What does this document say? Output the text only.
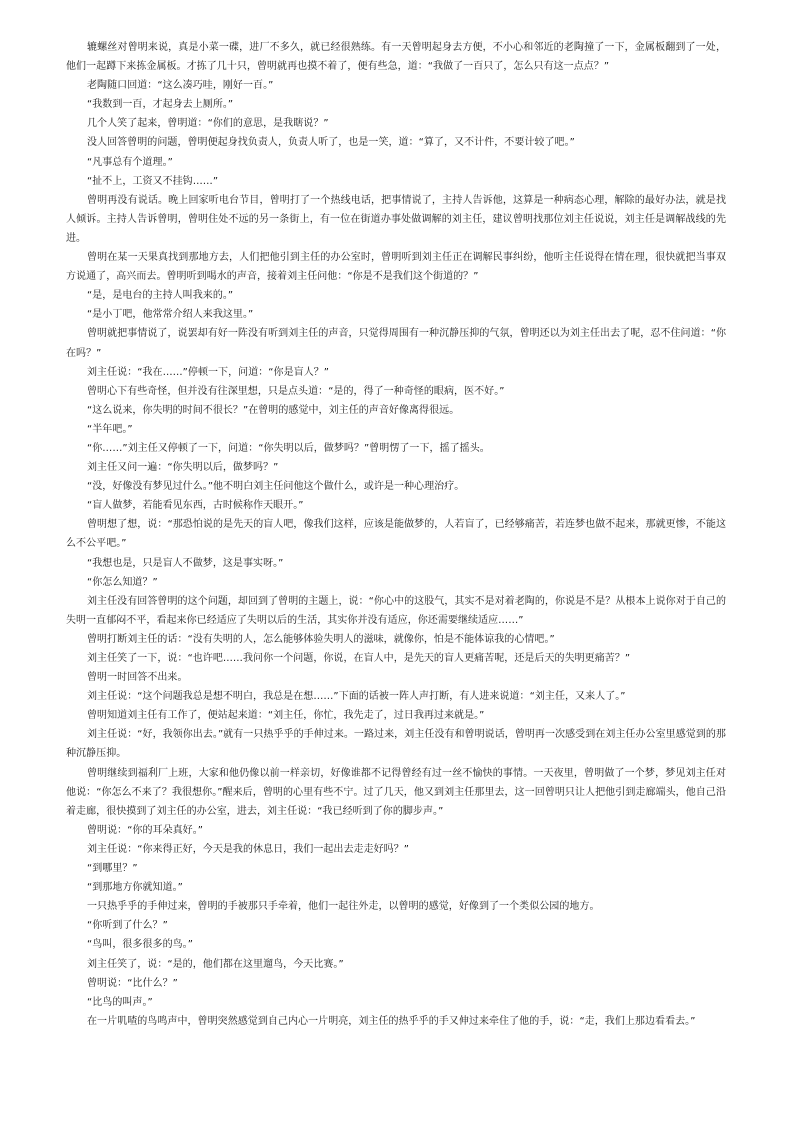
辘螺丝对曾明来说，真是小菜一碟，进厂不多久，就已经很熟练。有一天曾明起身去方便，不小心和邻近的老陶撞了一下，金属板翻到了一处，他们一起蹲下来拣金属板。才拣了几十只，曾明就再也摸不着了，便有些急，道：“我做了一百只了，怎么只有这一点点？”

老陶随口回道：“这么凑巧哇，刚好一百。”

“我数到一百，才起身去上厕所。”

几个人笑了起来，曾明道：“你们的意思，是我瞎说？”

没人回答曾明的问题，曾明便起身找负责人，负责人听了，也是一笑，道：“算了，又不计件，不要计较了吧。”

“凡事总有个道理。”

“扯不上，工资又不挂钩……”

曾明再没有说话。晚上回家听电台节目，曾明打了一个热线电话，把事情说了，主持人告诉他，这算是一种病态心理，解除的最好办法，就是找人倾诉。主持人告诉曾明，曾明住处不远的另一条街上，有一位在街道办事处做调解的刘主任，建议曾明找那位刘主任说说，刘主任是调解战线的先进。

曾明在某一天果真找到那地方去，人们把他引到主任的办公室时，曾明听到刘主任正在调解民事纠纷，他听主任说得在情在理，很快就把当事双方说通了，高兴而去。曾明听到喝水的声音，接着刘主任问他：“你是不是我们这个街道的？”

“是，是电台的主持人叫我来的。”

“是小丁吧，他常常介绍人来我这里。”

曾明就把事情说了，说罢却有好一阵没有听到刘主任的声音，只觉得周围有一种沉静压抑的气氛，曾明还以为刘主任出去了呢，忍不住问道：“你在吗？”

刘主任说：“我在……”停顿一下，问道：“你是盲人？”

曾明心下有些奇怪，但并没有往深里想，只是点头道：“是的，得了一种奇怪的眼病，医不好。”

“这么说来，你失明的时间不很长？”在曾明的感觉中，刘主任的声音好像离得很远。

“半年吧。”

“你……”刘主任又停顿了一下，问道：“你失明以后，做梦吗？”曾明愣了一下，摇了摇头。

刘主任又问一遍：“你失明以后，做梦吗？”

“没，好像没有梦见过什么。”他不明白刘主任问他这个做什么，或许是一种心理治疗。

“盲人做梦，若能看见东西，古时候称作天眼开。”

曾明想了想，说：“那恐怕说的是先天的盲人吧，像我们这样，应该是能做梦的，人若盲了，已经够痛苦，若连梦也做不起来，那就更惨，不能这么不公平吧。”

“我想也是，只是盲人不做梦，这是事实呀。”

“你怎么知道？”

刘主任没有回答曾明的这个问题，却回到了曾明的主题上，说：“你心中的这股气，其实不是对着老陶的，你说是不是？从根本上说你对于自己的失明一直郁闷不平，看起来你已经适应了失明以后的生活，其实你并没有适应，你还需要继续适应……”

曾明打断刘主任的话：“没有失明的人，怎么能够体验失明人的滋味，就像你，怕是不能体谅我的心情吧。”

刘主任笑了一下，说：“也许吧……我问你一个问题，你说，在盲人中，是先天的盲人更痛苦呢，还是后天的失明更痛苦？”

曾明一时回答不出来。

刘主任说：“这个问题我总是想不明白，我总是在想……”下面的话被一阵人声打断，有人进来说道：“刘主任，又来人了。”

曾明知道刘主任有工作了，便站起来道：“刘主任，你忙，我先走了，过日我再过来就是。”

刘主任说：“好，我领你出去。”就有一只热乎乎的手伸过来。一路过来，刘主任没有和曾明说话，曾明再一次感受到在刘主任办公室里感觉到的那种沉静压抑。

曾明继续到福利厂上班，大家和他仍像以前一样亲切，好像谁都不记得曾经有过一丝不愉快的事情。一天夜里，曾明做了一个梦，梦见刘主任对他说：“你怎么不来了？我很想你。”醒来后，曾明的心里有些不宁。过了几天，他又到刘主任那里去，这一回曾明只让人把他引到走廊端头，他自己沿着走廊，很快摸到了刘主任的办公室，进去，刘主任说：“我已经听到了你的脚步声。”

曾明说：“你的耳朵真好。”

刘主任说：“你来得正好，今天是我的休息日，我们一起出去走走好吗？”

“到哪里？”

“到那地方你就知道。”

一只热乎乎的手伸过来，曾明的手被那只手牵着，他们一起往外走，以曾明的感觉，好像到了一个类似公园的地方。

“你听到了什么？”

“鸟叫，很多很多的鸟。”

刘主任笑了，说：“是的，他们都在这里遛鸟，今天比赛。”

曾明说：“比什么？”

“比鸟的叫声。”

在一片叽喳的鸟鸣声中，曾明突然感觉到自己内心一片明亮，刘主任的热乎乎的手又伸过来牵住了他的手，说：“走，我们上那边看看去。”
